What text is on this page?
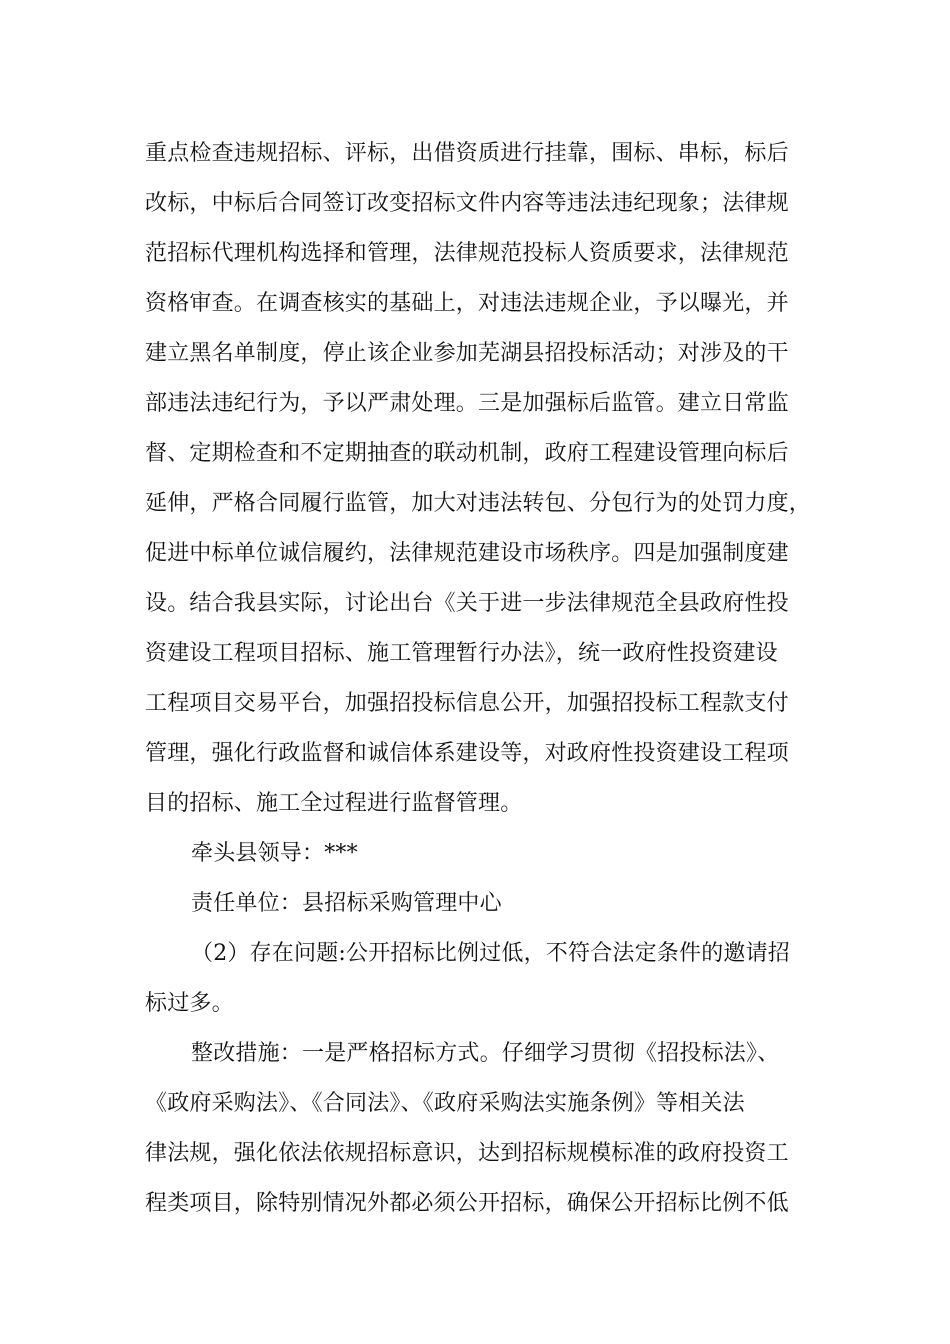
重点检查违规招标、评标，出借资质进行挂靠，围标、串标，标后
改标，中标后合同签订改变招标文件内容等违法违纪现象；法律规
范招标代理机构选择和管理，法律规范投标人资质要求，法律规范
资格审查。在调查核实的基础上，对违法违规企业，予以曝光，并
建立黑名单制度，停止该企业参加芜湖县招投标活动；对涉及的干
部违法违纪行为，予以严肃处理。三是加强标后监管。建立日常监
督、定期检查和不定期抽查的联动机制，政府工程建设管理向标后
延伸，严格合同履行监管，加大对违法转包、分包行为的处罚力度，
促进中标单位诚信履约，法律规范建设市场秩序。四是加强制度建
设。结合我县实际，讨论出台《关于进一步法律规范全县政府性投
资建设工程项目招标、施工管理暂行办法》，统一政府性投资建设
工程项目交易平台，加强招投标信息公开，加强招投标工程款支付
管理，强化行政监督和诚信体系建设等，对政府性投资建设工程项
目的招标、施工全过程进行监督管理。
牵头县领导：***
责任单位：县招标采购管理中心
（2）存在问题:公开招标比例过低，不符合法定条件的邀请招
标过多。
整改措施：一是严格招标方式。仔细学习贯彻《招投标法》、
《政府采购法》、《合同法》、《政府采购法实施条例》等相关法
律法规，强化依法依规招标意识，达到招标规模标准的政府投资工
程类项目，除特别情况外都必须公开招标，确保公开招标比例不低
